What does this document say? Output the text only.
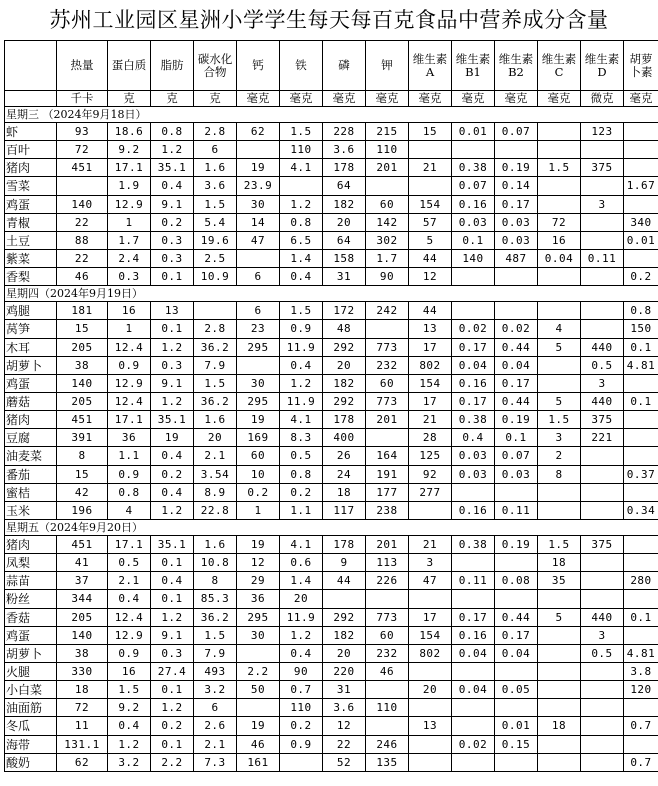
苏州工业园区星洲小学学生每天每百克食品中营养成分含量
	热量	蛋白质	脂肪	碳水化合物	钙	铁	磷	钾	维生素A	维生素B1	维生素B2	维生素C	维生素D	胡萝卜素
	千卡	克	克	克	毫克	毫克	毫克	毫克	毫克	毫克	毫克	毫克	微克	毫克
星期三 （2024年9月18日）														
虾	93	18.6	0.8	2.8	62	1.5	228	215	15	0.01	0.07		123	
百叶	72	9.2	1.2	6		110	3.6	110						
猪肉	451	17.1	35.1	1.6	19	4.1	178	201	21	0.38	0.19	1.5	375	
雪菜		1.9	0.4	3.6	23.9		64			0.07	0.14			1.67
鸡蛋	140	12.9	9.1	1.5	30	1.2	182	60	154	0.16	0.17		3	
青椒	22	1	0.2	5.4	14	0.8	20	142	57	0.03	0.03	72		340
土豆	88	1.7	0.3	19.6	47	6.5	64	302	5	0.1	0.03	16		0.01
紫菜	22	2.4	0.3	2.5		1.4	158	1.7	44	140	487	0.04	0.11	
香梨	46	0.3	0.1	10.9	6	0.4	31	90	12					0.2
星期四（2024年9月19日）														
鸡腿	181	16	13		6	1.5	172	242	44					0.8
莴笋	15	1	0.1	2.8	23	0.9	48		13	0.02	0.02	4		150
木耳	205	12.4	1.2	36.2	295	11.9	292	773	17	0.17	0.44	5	440	0.1
胡萝卜	38	0.9	0.3	7.9		0.4	20	232	802	0.04	0.04		0.5	4.81
鸡蛋	140	12.9	9.1	1.5	30	1.2	182	60	154	0.16	0.17		3	
蘑菇	205	12.4	1.2	36.2	295	11.9	292	773	17	0.17	0.44	5	440	0.1
猪肉	451	17.1	35.1	1.6	19	4.1	178	201	21	0.38	0.19	1.5	375	
豆腐	391	36	19	20	169	8.3	400		28	0.4	0.1	3	221	
油麦菜	8	1.1	0.4	2.1	60	0.5	26	164	125	0.03	0.07	2		
番茄	15	0.9	0.2	3.54	10	0.8	24	191	92	0.03	0.03	8		0.37
蜜桔	42	0.8	0.4	8.9	0.2	0.2	18	177	277					
玉米	196	4	1.2	22.8	1	1.1	117	238		0.16	0.11			0.34
星期五（2024年9月20日）														
猪肉	451	17.1	35.1	1.6	19	4.1	178	201	21	0.38	0.19	1.5	375	
凤梨	41	0.5	0.1	10.8	12	0.6	9	113	3			18		
蒜苗	37	2.1	0.4	8	29	1.4	44	226	47	0.11	0.08	35		280
粉丝	344	0.4	0.1	85.3	36	20								
香菇	205	12.4	1.2	36.2	295	11.9	292	773	17	0.17	0.44	5	440	0.1
鸡蛋	140	12.9	9.1	1.5	30	1.2	182	60	154	0.16	0.17		3	
胡萝卜	38	0.9	0.3	7.9		0.4	20	232	802	0.04	0.04		0.5	4.81
火腿	330	16	27.4	493	2.2	90	220	46						3.8
小白菜	18	1.5	0.1	3.2	50	0.7	31		20	0.04	0.05			120
油面筋	72	9.2	1.2	6		110	3.6	110						
冬瓜	11	0.4	0.2	2.6	19	0.2	12		13		0.01	18		0.7
海带	131.1	1.2	0.1	2.1	46	0.9	22	246		0.02	0.15			
酸奶	62	3.2	2.2	7.3	161		52	135						0.7
